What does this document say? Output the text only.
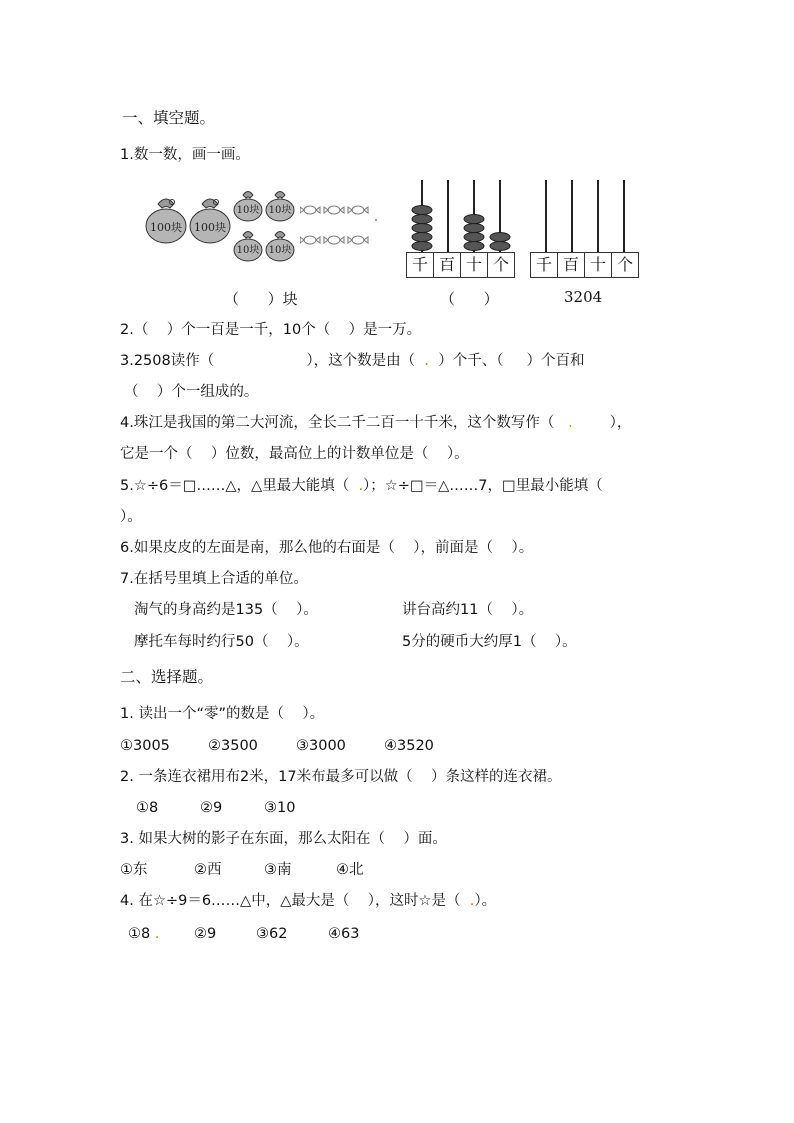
一、填空题。
1.数一数，画一画。
100块	100块
10块 10块
10块 10块
千 百 十 个	千 百 十 个
（      ）块	（      ）	3204
2.（    ）个一百是一千，10个（    ）是一万。
3.2508读作（                    ），这个数是由（  .  ）个千、（     ）个百和
（    ）个一组成的。
4.珠江是我国的第二大河流，全长二千二百一十千米，这个数写作（   .        ），
它是一个（    ）位数，最高位上的计数单位是（    ）。
5.☆÷6＝□……△，△里最大能填（  .）；☆÷□＝△……7，□里最小能填（
）。
6.如果皮皮的左面是南，那么他的右面是（    ），前面是（    ）。
7.在括号里填上合适的单位。
淘气的身高约是135（    ）。	讲台高约11（    ）。
摩托车每时约行50（    ）。	5分的硬币大约厚1（    ）。
二、选择题。
1. 读出一个“零”的数是（    ）。
①3005	②3500	③3000	④3520
2. 一条连衣裙用布2米，17米布最多可以做（    ）条这样的连衣裙。
①8	②9	③10
3. 如果大树的影子在东面，那么太阳在（    ）面。
①东	②西	③南	④北
4. 在☆÷9＝6……△中，△最大是（    ），这时☆是（  .）。
①8 . ②9	③62	④63
